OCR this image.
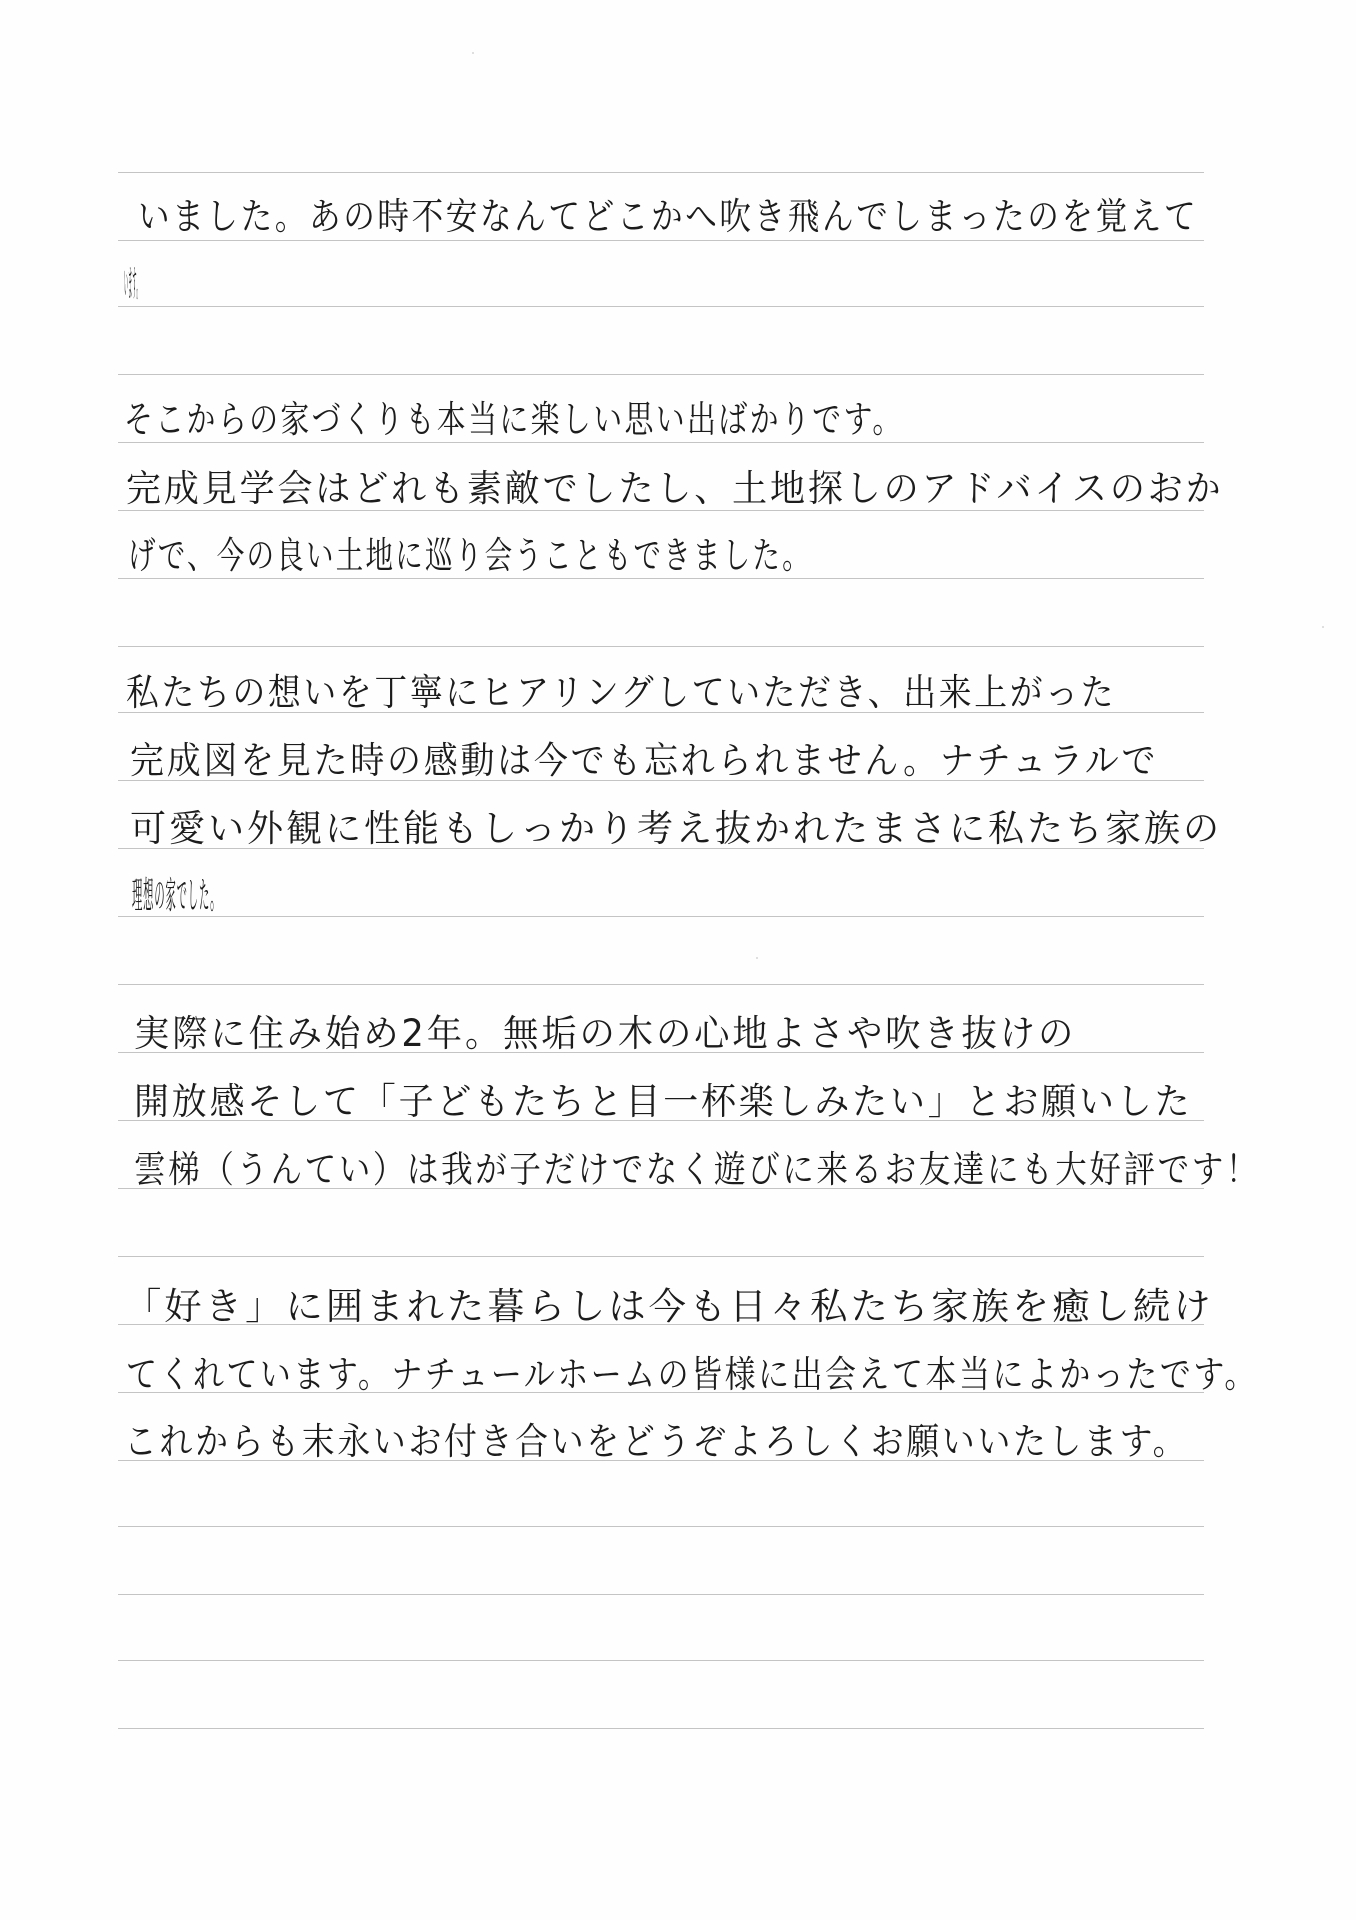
いました。あの時不安なんてどこかへ吹き飛んでしまったのを覚えて
います。
そこからの家づくりも本当に楽しい思い出ばかりです。
完成見学会はどれも素敵でしたし、土地探しのアドバイスのおか
げで、今の良い土地に巡り会うこともできました。
私たちの想いを丁寧にヒアリングしていただき、出来上がった
完成図を見た時の感動は今でも忘れられません。ナチュラルで
可愛い外観に性能もしっかり考え抜かれたまさに私たち家族の
理想の家でした。
実際に住み始め2年。無垢の木の心地よさや吹き抜けの
開放感そして「子どもたちと目一杯楽しみたい」とお願いした
雲梯（うんてい）は我が子だけでなく遊びに来るお友達にも大好評です！
「好き」に囲まれた暮らしは今も日々私たち家族を癒し続け
てくれています。ナチュールホームの皆様に出会えて本当によかったです。
これからも末永いお付き合いをどうぞよろしくお願いいたします。
